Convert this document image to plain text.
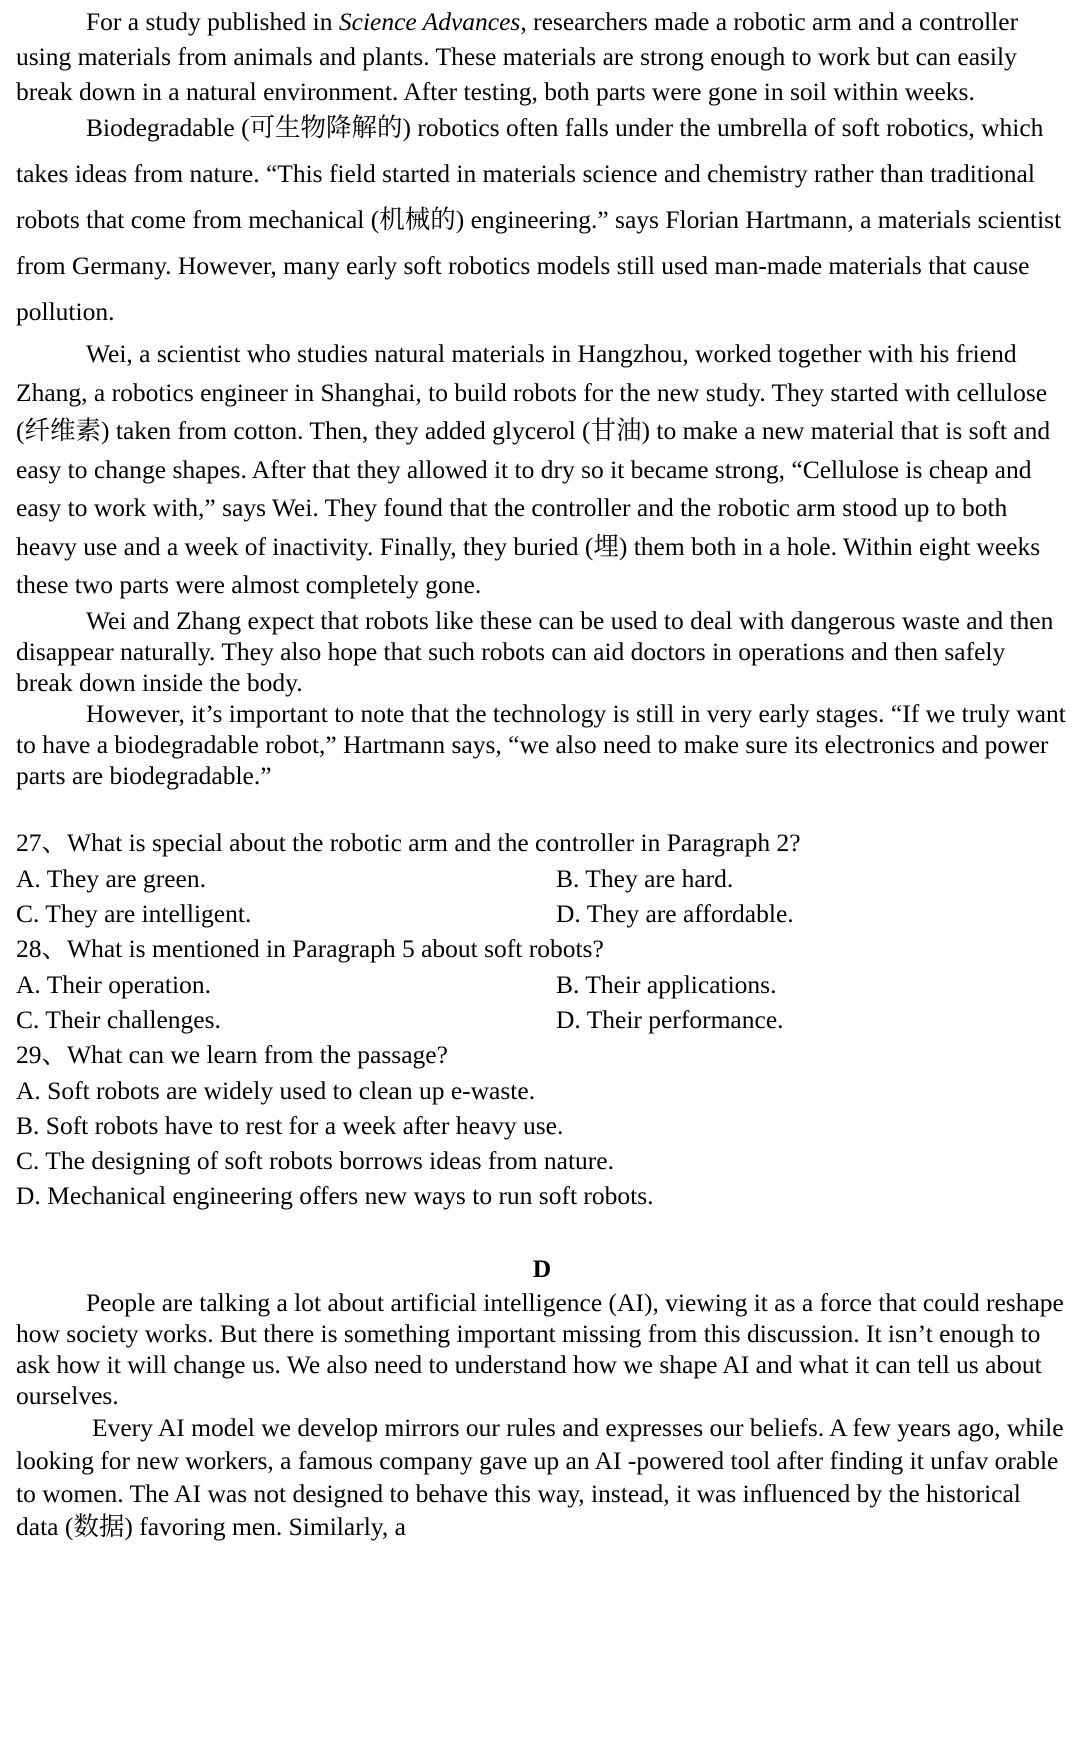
For a study published in Science Advances, researchers made a robotic arm and a controller using materials from animals and plants. These materials are strong enough to work but can easily break down in a natural environment. After testing, both parts were gone in soil within weeks.

Biodegradable (可生物降解的) robotics often falls under the umbrella of soft robotics, which takes ideas from nature. “This field started in materials science and chemistry rather than traditional robots that come from mechanical (机械的) engineering.” says Florian Hartmann, a materials scientist from Germany. However, many early soft robotics models still used man-made materials that cause pollution.

Wei, a scientist who studies natural materials in Hangzhou, worked together with his friend Zhang, a robotics engineer in Shanghai, to build robots for the new study. They started with cellulose (纤维素) taken from cotton. Then, they added glycerol (甘油) to make a new material that is soft and easy to change shapes. After that they allowed it to dry so it became strong, “Cellulose is cheap and easy to work with,” says Wei. They found that the controller and the robotic arm stood up to both heavy use and a week of inactivity. Finally, they buried (埋) them both in a hole. Within eight weeks these two parts were almost completely gone.

Wei and Zhang expect that robots like these can be used to deal with dangerous waste and then disappear naturally. They also hope that such robots can aid doctors in operations and then safely break down inside the body.

However, it’s important to note that the technology is still in very early stages. “If we truly want to have a biodegradable robot,” Hartmann says, “we also need to make sure its electronics and power parts are biodegradable.”

27、What is special about the robotic arm and the controller in Paragraph 2?

A. They are green.	B. They are hard.

C. They are intelligent.	D. They are affordable.

28、What is mentioned in Paragraph 5 about soft robots?

A. Their operation.	B. Their applications.

C. Their challenges.	D. Their performance.

29、What can we learn from the passage?

A. Soft robots are widely used to clean up e-waste.

B. Soft robots have to rest for a week after heavy use.

C. The designing of soft robots borrows ideas from nature.

D. Mechanical engineering offers new ways to run soft robots.

D

People are talking a lot about artificial intelligence (AI), viewing it as a force that could reshape how society works. But there is something important missing from this discussion. It isn’t enough to ask how it will change us. We also need to understand how we shape AI and what it can tell us about ourselves.

Every AI model we develop mirrors our rules and expresses our beliefs. A few years ago, while looking for new workers, a famous company gave up an AI -powered tool after finding it unfav orable to women. The AI was not designed to behave this way, instead, it was influenced by the historical data (数据) favoring men. Similarly, a
